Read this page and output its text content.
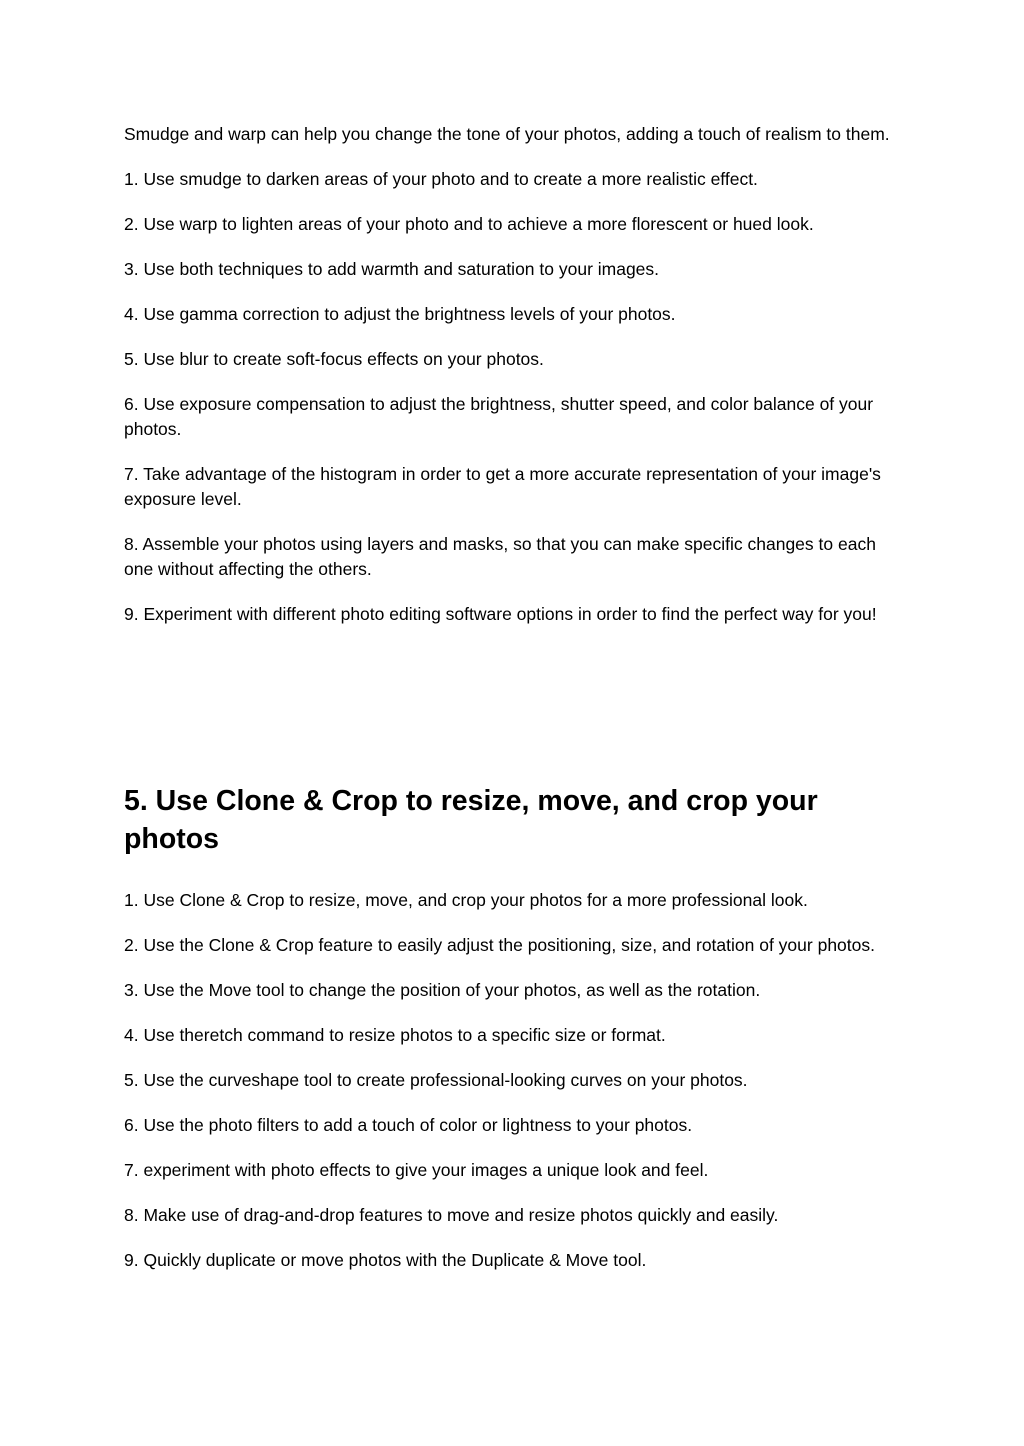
Smudge and warp can help you change the tone of your photos, adding a touch of realism to them.

1. Use smudge to darken areas of your photo and to create a more realistic effect.

2. Use warp to lighten areas of your photo and to achieve a more florescent or hued look.

3. Use both techniques to add warmth and saturation to your images.

4. Use gamma correction to adjust the brightness levels of your photos.

5. Use blur to create soft-focus effects on your photos.

6. Use exposure compensation to adjust the brightness, shutter speed, and color balance of your photos.

7. Take advantage of the histogram in order to get a more accurate representation of your image's exposure level.

8. Assemble your photos using layers and masks, so that you can make specific changes to each one without affecting the others.

9. Experiment with different photo editing software options in order to find the perfect way for you!

5. Use Clone & Crop to resize, move, and crop your photos

1. Use Clone & Crop to resize, move, and crop your photos for a more professional look.

2. Use the Clone & Crop feature to easily adjust the positioning, size, and rotation of your photos.

3. Use the Move tool to change the position of your photos, as well as the rotation.

4. Use theretch command to resize photos to a specific size or format.

5. Use the curveshape tool to create professional-looking curves on your photos.

6. Use the photo filters to add a touch of color or lightness to your photos.

7. experiment with photo effects to give your images a unique look and feel.

8. Make use of drag-and-drop features to move and resize photos quickly and easily.

9. Quickly duplicate or move photos with the Duplicate & Move tool.
